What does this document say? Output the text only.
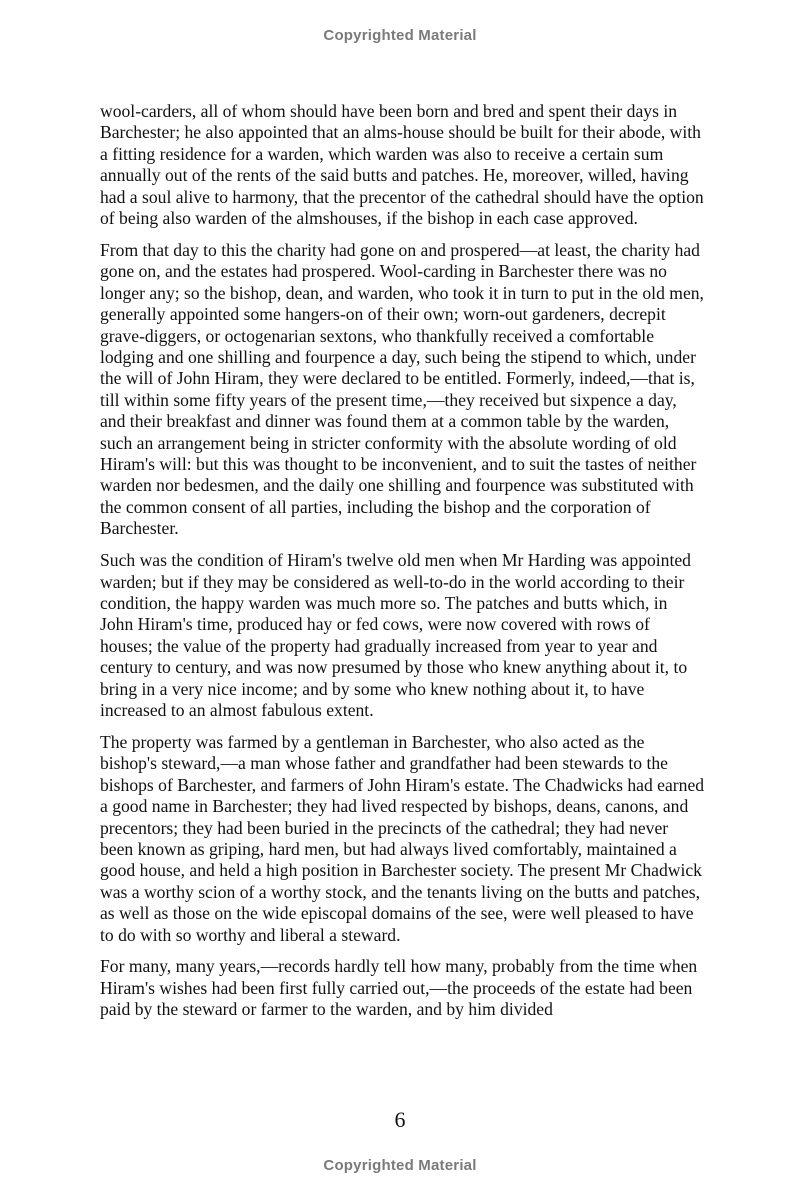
Copyrighted Material

wool-carders, all of whom should have been born and bred and spent their days in Barchester; he also appointed that an alms-house should be built for their abode, with a fitting residence for a warden, which warden was also to receive a certain sum annually out of the rents of the said butts and patches. He, moreover, willed, having had a soul alive to harmony, that the precentor of the cathedral should have the option of being also warden of the almshouses, if the bishop in each case approved.

From that day to this the charity had gone on and prospered—at least, the charity had gone on, and the estates had prospered. Wool-carding in Barchester there was no longer any; so the bishop, dean, and warden, who took it in turn to put in the old men, generally appointed some hangers-on of their own; worn-out gardeners, decrepit grave-diggers, or octogenarian sextons, who thankfully received a comfortable lodging and one shilling and fourpence a day, such being the stipend to which, under the will of John Hiram, they were declared to be entitled. Formerly, indeed,—that is, till within some fifty years of the present time,—they received but sixpence a day, and their breakfast and dinner was found them at a common table by the warden, such an arrangement being in stricter conformity with the absolute wording of old Hiram's will: but this was thought to be inconvenient, and to suit the tastes of neither warden nor bedesmen, and the daily one shilling and fourpence was substituted with the common consent of all parties, including the bishop and the corporation of Barchester.

Such was the condition of Hiram's twelve old men when Mr Harding was appointed warden; but if they may be considered as well-to-do in the world according to their condition, the happy warden was much more so. The patches and butts which, in John Hiram's time, produced hay or fed cows, were now covered with rows of houses; the value of the property had gradually increased from year to year and century to century, and was now presumed by those who knew anything about it, to bring in a very nice income; and by some who knew nothing about it, to have increased to an almost fabulous extent.

The property was farmed by a gentleman in Barchester, who also acted as the bishop's steward,—a man whose father and grandfather had been stewards to the bishops of Barchester, and farmers of John Hiram's estate. The Chadwicks had earned a good name in Barchester; they had lived respected by bishops, deans, canons, and precentors; they had been buried in the precincts of the cathedral; they had never been known as griping, hard men, but had always lived comfortably, maintained a good house, and held a high position in Barchester society. The present Mr Chadwick was a worthy scion of a worthy stock, and the tenants living on the butts and patches, as well as those on the wide episcopal domains of the see, were well pleased to have to do with so worthy and liberal a steward.

For many, many years,—records hardly tell how many, probably from the time when Hiram's wishes had been first fully carried out,—the proceeds of the estate had been paid by the steward or farmer to the warden, and by him divided

6
Copyrighted Material
